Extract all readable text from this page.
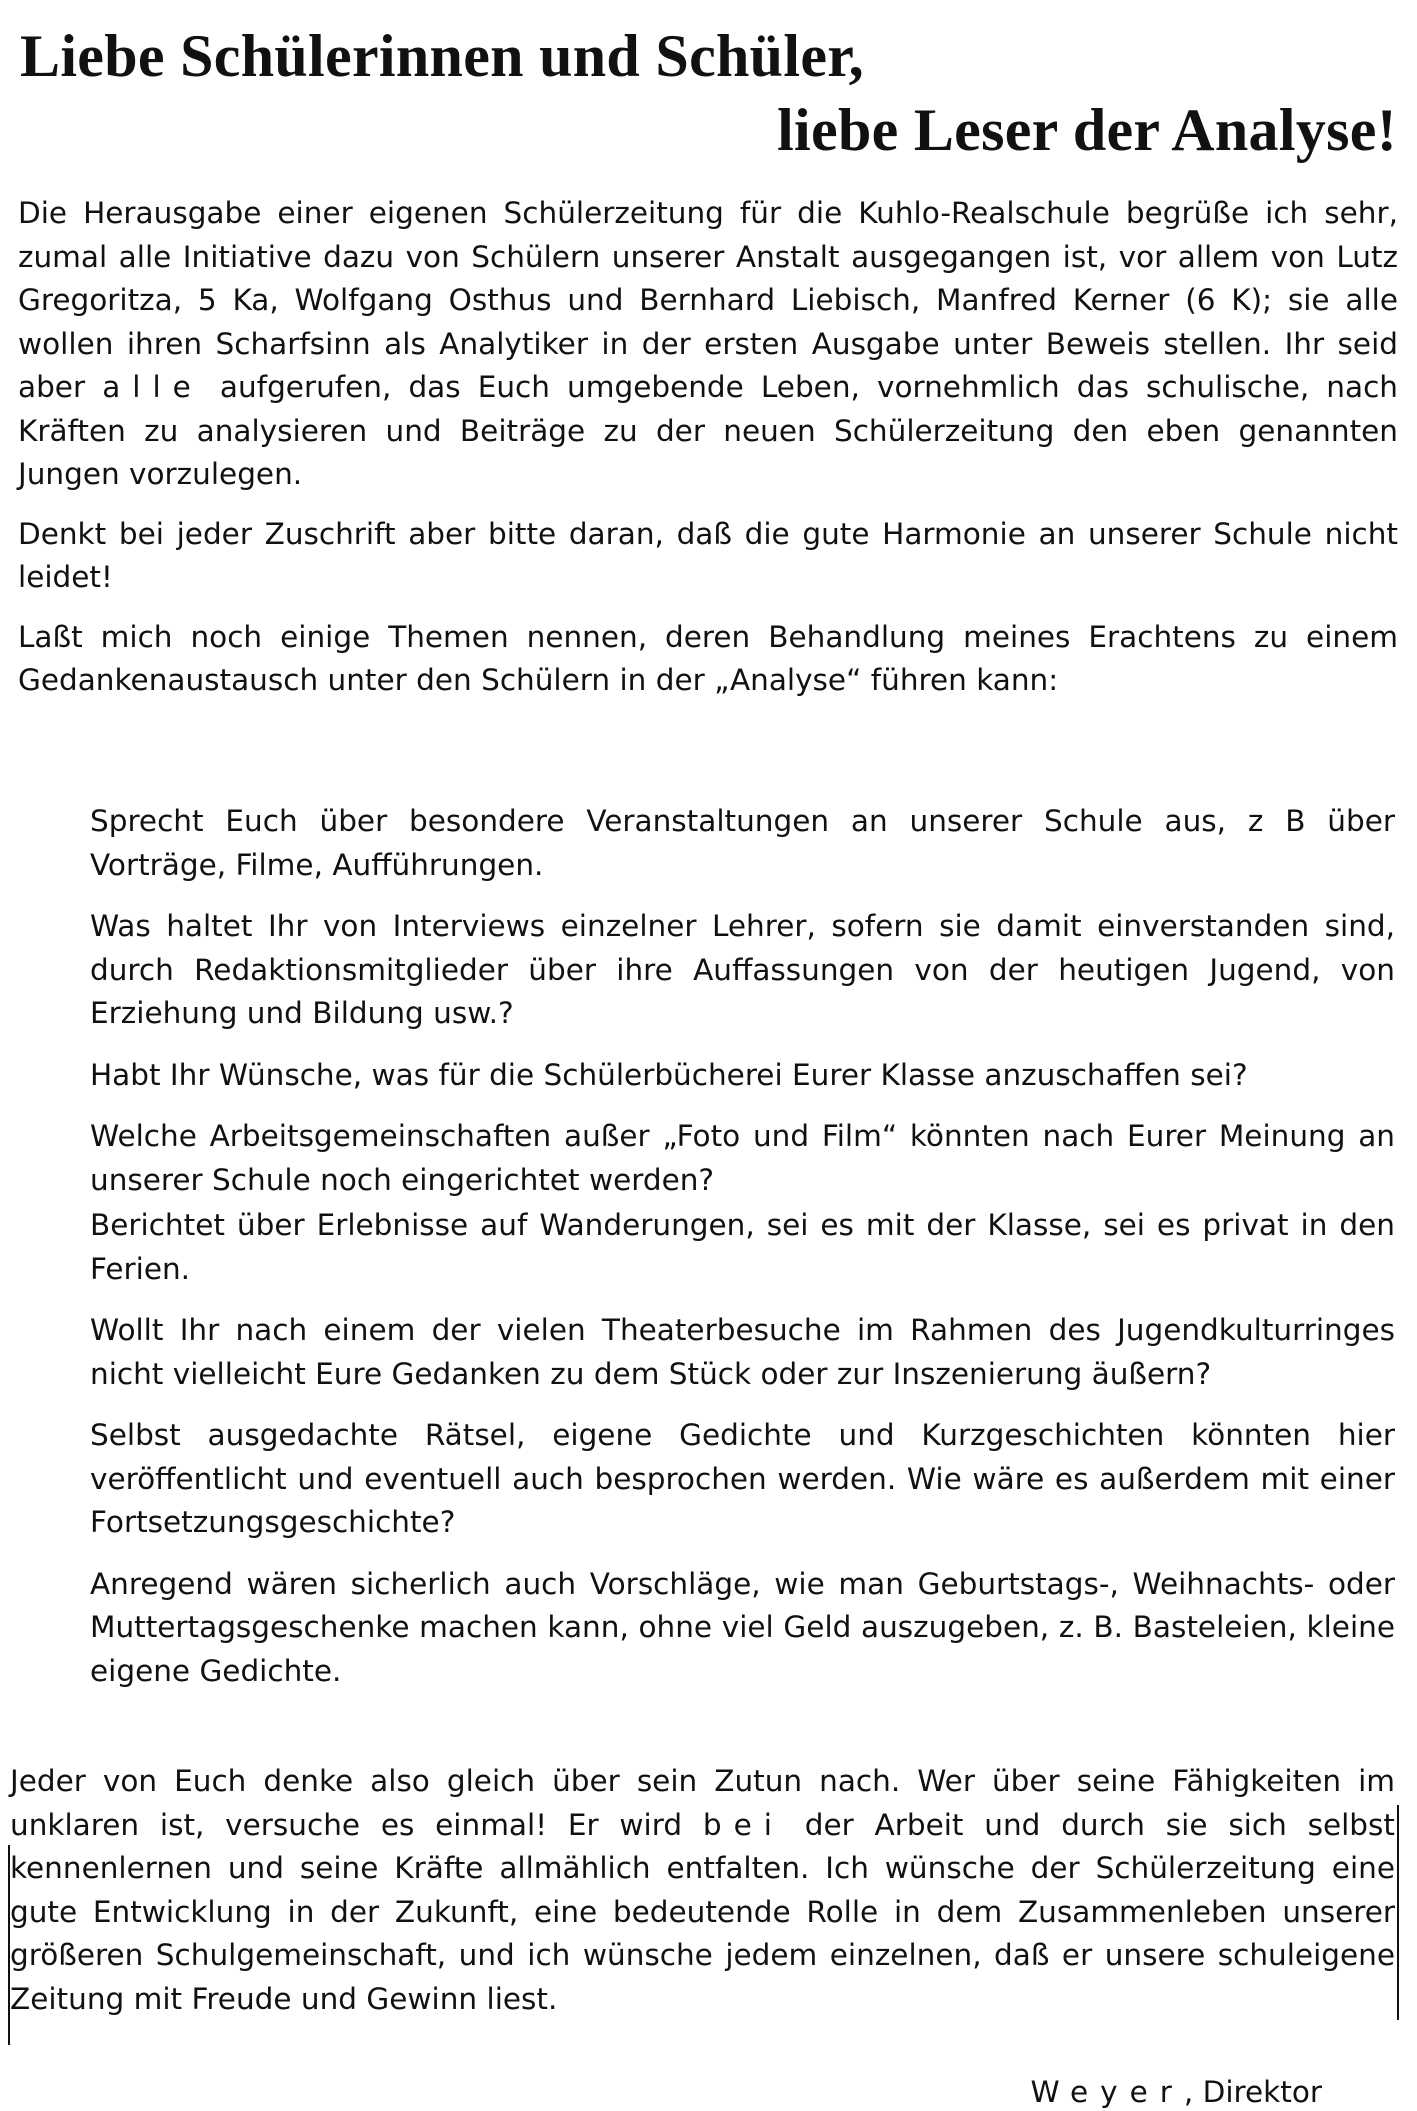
Liebe Schülerinnen und Schüler,
liebe Leser der Analyse!

Die Herausgabe einer eigenen Schülerzeitung für die Kuhlo-Realschule begrüße ich sehr, zumal alle Initiative dazu von Schülern unserer Anstalt ausgegangen ist, vor allem von Lutz Gregoritza, 5 Ka, Wolfgang Osthus und Bernhard Liebisch, Manfred Kerner (6 K); sie alle wollen ihren Scharfsinn als Analytiker in der ersten Ausgabe unter Beweis stellen. Ihr seid aber alle aufgerufen, das Euch umgebende Leben, vornehmlich das schulische, nach Kräften zu analysieren und Beiträge zu der neuen Schülerzeitung den eben genannten Jungen vorzulegen.

Denkt bei jeder Zuschrift aber bitte daran, daß die gute Harmonie an unserer Schule nicht leidet!

Laßt mich noch einige Themen nennen, deren Behandlung meines Erachtens zu einem Gedankenaustausch unter den Schülern in der „Analyse“ führen kann:

Sprecht Euch über besondere Veranstaltungen an unserer Schule aus, z B über Vorträge, Filme, Aufführungen.

Was haltet Ihr von Interviews einzelner Lehrer, sofern sie damit einverstanden sind, durch Redaktionsmitglieder über ihre Auffassungen von der heutigen Jugend, von Erziehung und Bildung usw.?

Habt Ihr Wünsche, was für die Schülerbücherei Eurer Klasse anzuschaffen sei?

Welche Arbeitsgemeinschaften außer „Foto und Film“ könnten nach Eurer Meinung an unserer Schule noch eingerichtet werden?

Berichtet über Erlebnisse auf Wanderungen, sei es mit der Klasse, sei es privat in den Ferien.

Wollt Ihr nach einem der vielen Theaterbesuche im Rahmen des Jugendkulturringes nicht vielleicht Eure Gedanken zu dem Stück oder zur Inszenierung äußern?

Selbst ausgedachte Rätsel, eigene Gedichte und Kurzgeschichten könnten hier veröffentlicht und eventuell auch besprochen werden. Wie wäre es außerdem mit einer Fortsetzungsgeschichte?

Anregend wären sicherlich auch Vorschläge, wie man Geburtstags-, Weihnachts- oder Muttertagsgeschenke machen kann, ohne viel Geld auszugeben, z. B. Basteleien, kleine eigene Gedichte.

Jeder von Euch denke also gleich über sein Zutun nach. Wer über seine Fähigkeiten im unklaren ist, versuche es einmal! Er wird bei der Arbeit und durch sie sich selbst kennenlernen und seine Kräfte allmählich entfalten. Ich wünsche der Schülerzeitung eine gute Entwicklung in der Zukunft, eine bedeutende Rolle in dem Zusammenleben unserer größeren Schulgemeinschaft, und ich wünsche jedem einzelnen, daß er unsere schuleigene Zeitung mit Freude und Gewinn liest.

Weyer, Direktor
